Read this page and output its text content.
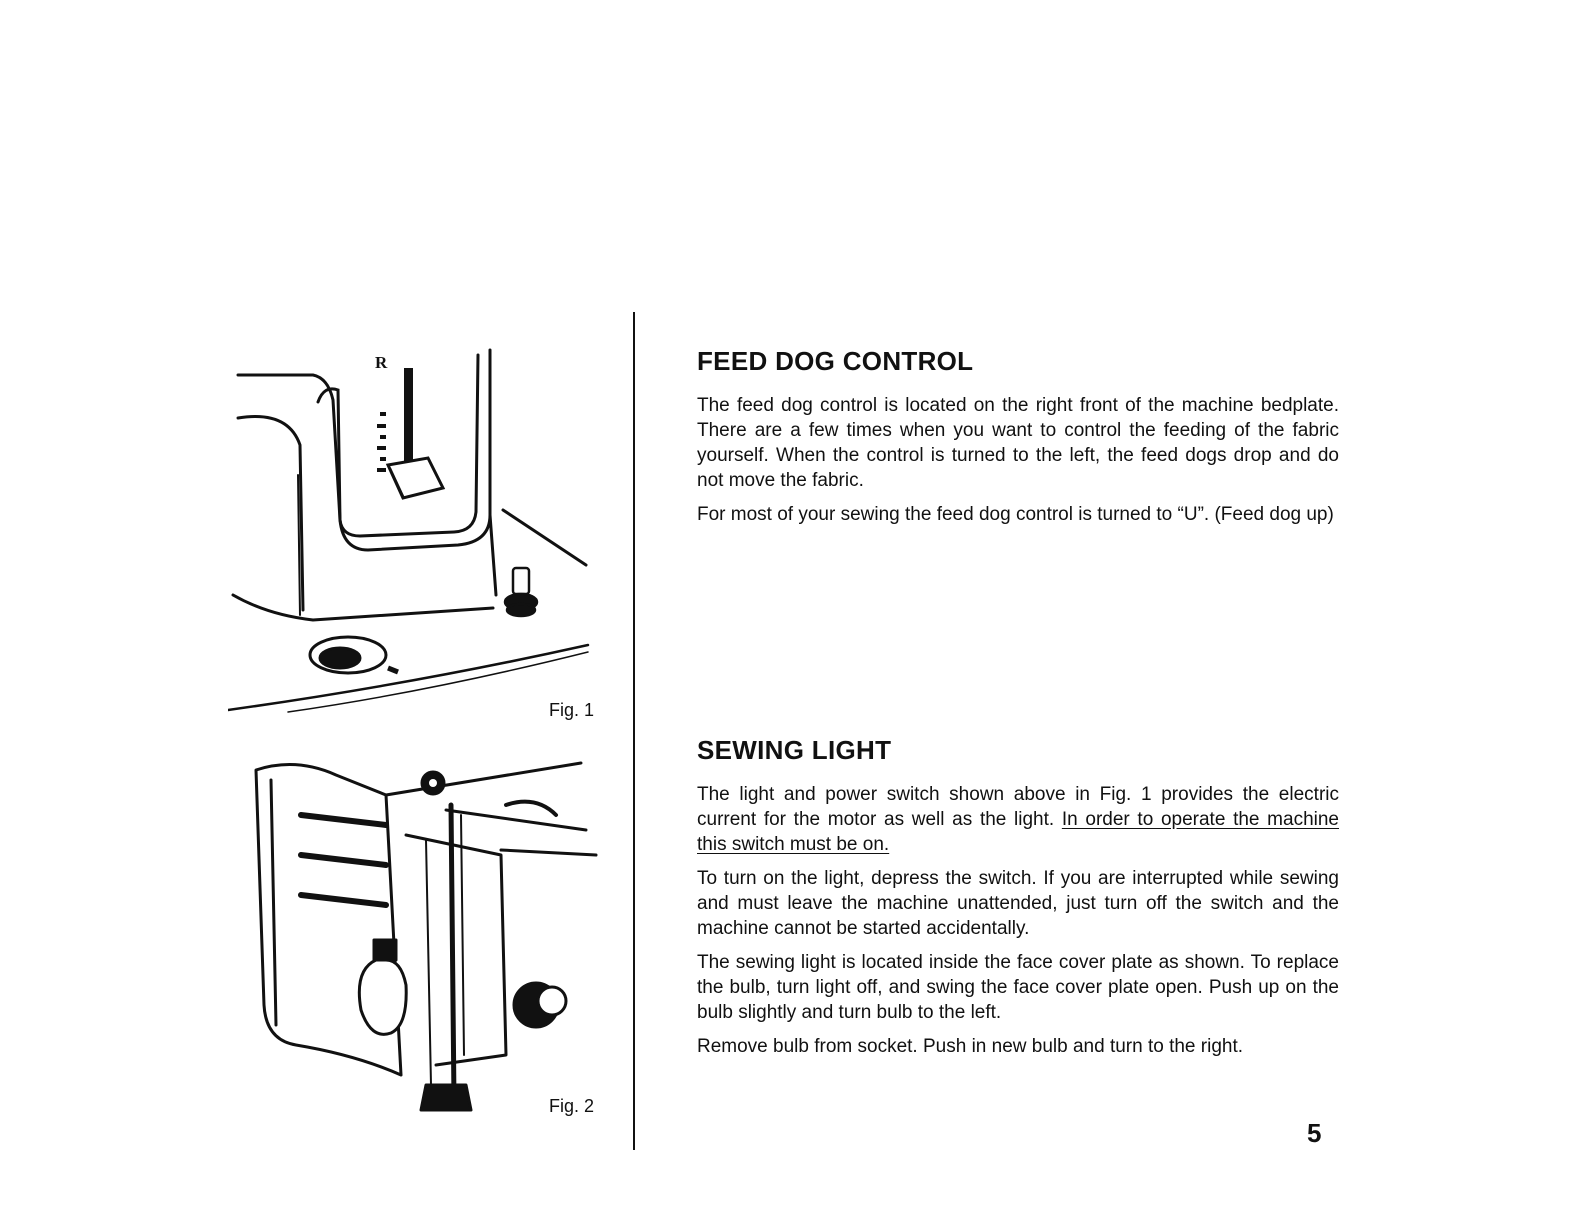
R
Fig. 1
Fig. 2
FEED DOG CONTROL

The feed dog control is located on the right front of the machine bedplate. There are a few times when you want to control the feeding of the fabric yourself. When the control is turned to the left, the feed dogs drop and do not move the fabric.

For most of your sewing the feed dog control is turned to “U”. (Feed dog up)

SEWING LIGHT

The light and power switch shown above in Fig. 1 provides the electric current for the motor as well as the light. In order to operate the machine this switch must be on.

To turn on the light, depress the switch. If you are interrupted while sewing and must leave the machine unattended, just turn off the switch and the machine cannot be started accidentally.

The sewing light is located inside the face cover plate as shown. To replace the bulb, turn light off, and swing the face cover plate open. Push up on the bulb slightly and turn bulb to the left.

Remove bulb from socket. Push in new bulb and turn to the right.

5
